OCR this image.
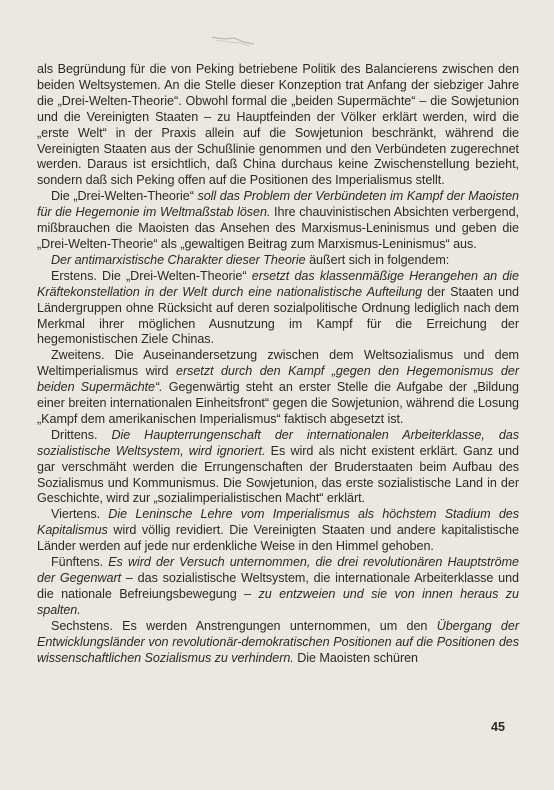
als Begründung für die von Peking betriebene Politik des Balancierens zwischen den beiden Weltsystemen. An die Stelle dieser Konzeption trat Anfang der siebziger Jahre die „Drei-Welten-Theorie“. Obwohl formal die „beiden Supermächte“ – die Sowjetunion und die Vereinigten Staaten – zu Hauptfeinden der Völker erklärt werden, wird die „erste Welt“ in der Praxis allein auf die Sowjetunion beschränkt, während die Vereinigten Staaten aus der Schußlinie genommen und den Verbündeten zugerechnet werden. Daraus ist ersichtlich, daß China durchaus keine Zwischenstellung bezieht, sondern daß sich Peking offen auf die Positionen des Imperialismus stellt.

Die „Drei-Welten-Theorie“ soll das Problem der Verbündeten im Kampf der Maoisten für die Hegemonie im Weltmaßstab lösen. Ihre chauvinistischen Absichten verbergend, mißbrauchen die Maoisten das Ansehen des Marxismus-Leninismus und geben die „Drei-Welten-Theorie“ als „gewaltigen Beitrag zum Marxismus-Leninismus“ aus.

Der antimarxistische Charakter dieser Theorie äußert sich in folgendem:

Erstens. Die „Drei-Welten-Theorie“ ersetzt das klassenmäßige Herangehen an die Kräftekonstellation in der Welt durch eine nationalistische Aufteilung der Staaten und Ländergruppen ohne Rücksicht auf deren sozialpolitische Ordnung lediglich nach dem Merkmal ihrer möglichen Ausnutzung im Kampf für die Erreichung der hegemonistischen Ziele Chinas.

Zweitens. Die Auseinandersetzung zwischen dem Weltsozialismus und dem Weltimperialismus wird ersetzt durch den Kampf „gegen den Hegemonismus der beiden Supermächte“. Gegenwärtig steht an erster Stelle die Aufgabe der „Bildung einer breiten internationalen Einheitsfront“ gegen die Sowjetunion, während die Losung „Kampf dem amerikanischen Imperialismus“ faktisch abgesetzt ist.

Drittens. Die Haupterrungenschaft der internationalen Arbeiterklasse, das sozialistische Weltsystem, wird ignoriert. Es wird als nicht existent erklärt. Ganz und gar verschmäht werden die Errungenschaften der Bruderstaaten beim Aufbau des Sozialismus und Kommunismus. Die Sowjetunion, das erste sozialistische Land in der Geschichte, wird zur „sozialimperialistischen Macht“ erklärt.

Viertens. Die Leninsche Lehre vom Imperialismus als höchstem Stadium des Kapitalismus wird völlig revidiert. Die Vereinigten Staaten und andere kapitalistische Länder werden auf jede nur erdenkliche Weise in den Himmel gehoben.

Fünftens. Es wird der Versuch unternommen, die drei revolutionären Hauptströme der Gegenwart – das sozialistische Weltsystem, die internationale Arbeiterklasse und die nationale Befreiungsbewegung – zu entzweien und sie von innen heraus zu spalten.

Sechstens. Es werden Anstrengungen unternommen, um den Übergang der Entwicklungsländer von revolutionär-demokratischen Positionen auf die Positionen des wissenschaftlichen Sozialismus zu verhindern. Die Maoisten schüren

45
